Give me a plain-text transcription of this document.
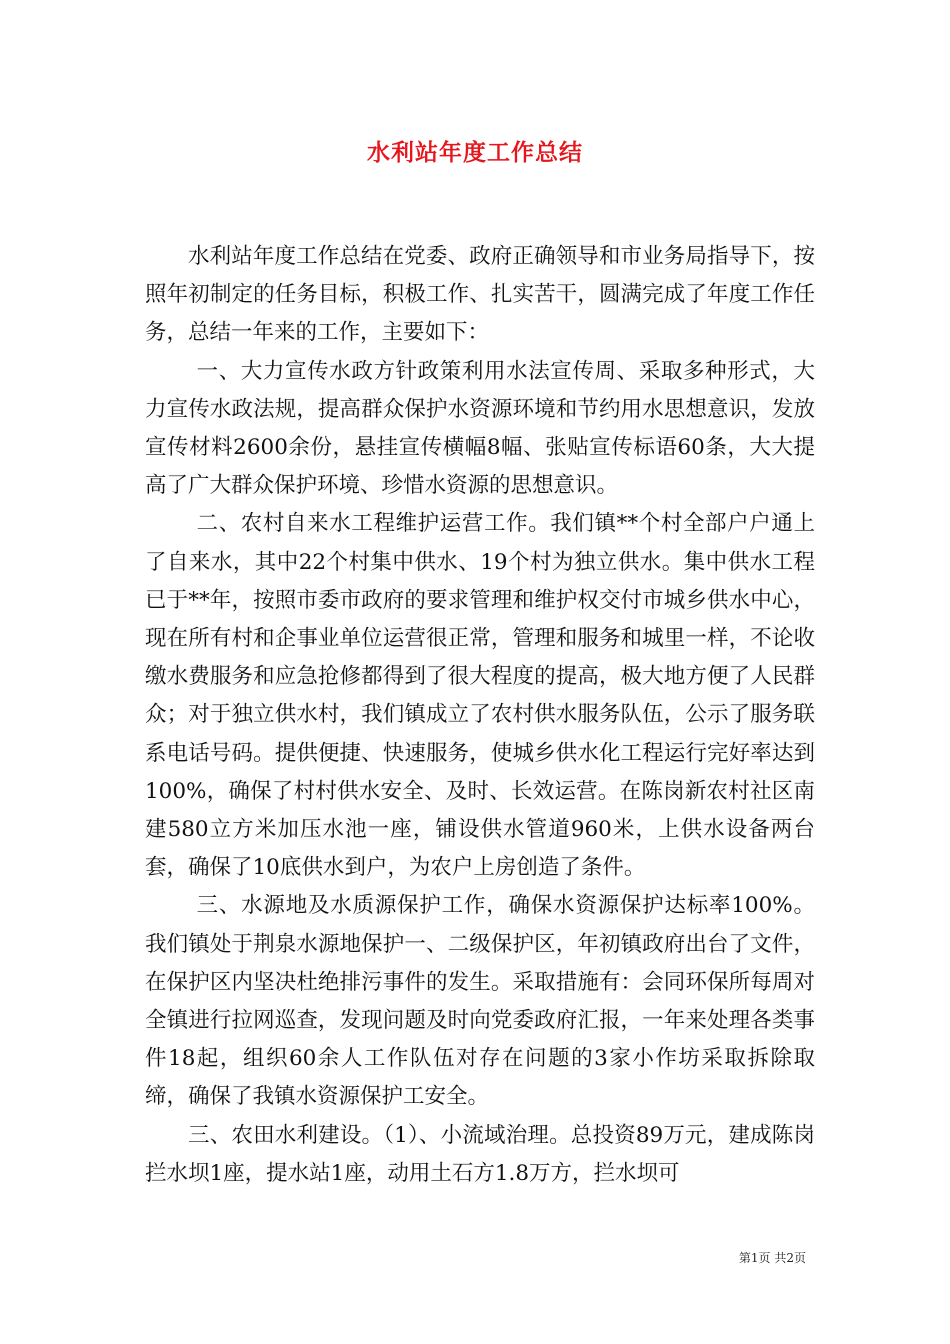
水利站年度工作总结

水利站年度工作总结在党委、政府正确领导和市业务局指导下，按照年初制定的任务目标，积极工作、扎实苦干，圆满完成了年度工作任务，总结一年来的工作，主要如下：

一、大力宣传水政方针政策利用水法宣传周、采取多种形式，大力宣传水政法规，提高群众保护水资源环境和节约用水思想意识，发放宣传材料2600余份，悬挂宣传横幅8幅、张贴宣传标语60条，大大提高了广大群众保护环境、珍惜水资源的思想意识。

二、农村自来水工程维护运营工作。我们镇**个村全部户户通上了自来水，其中22个村集中供水、19个村为独立供水。集中供水工程已于**年，按照市委市政府的要求管理和维护权交付市城乡供水中心，现在所有村和企事业单位运营很正常，管理和服务和城里一样，不论收缴水费服务和应急抢修都得到了很大程度的提高，极大地方便了人民群众；对于独立供水村，我们镇成立了农村供水服务队伍，公示了服务联系电话号码。提供便捷、快速服务，使城乡供水化工程运行完好率达到100%，确保了村村供水安全、及时、长效运营。在陈岗新农村社区南建580立方米加压水池一座，铺设供水管道960米，上供水设备两台套，确保了10底供水到户，为农户上房创造了条件。

三、水源地及水质源保护工作，确保水资源保护达标率100%。我们镇处于荆泉水源地保护一、二级保护区，年初镇政府出台了文件，在保护区内坚决杜绝排污事件的发生。采取措施有：会同环保所每周对全镇进行拉网巡查，发现问题及时向党委政府汇报，一年来处理各类事件18起，组织60余人工作队伍对存在问题的3家小作坊采取拆除取缔，确保了我镇水资源保护工安全。

三、农田水利建设。（1）、小流域治理。总投资89万元，建成陈岗拦水坝1座，提水站1座，动用土石方1.8万方，拦水坝可

第1页 共2页
